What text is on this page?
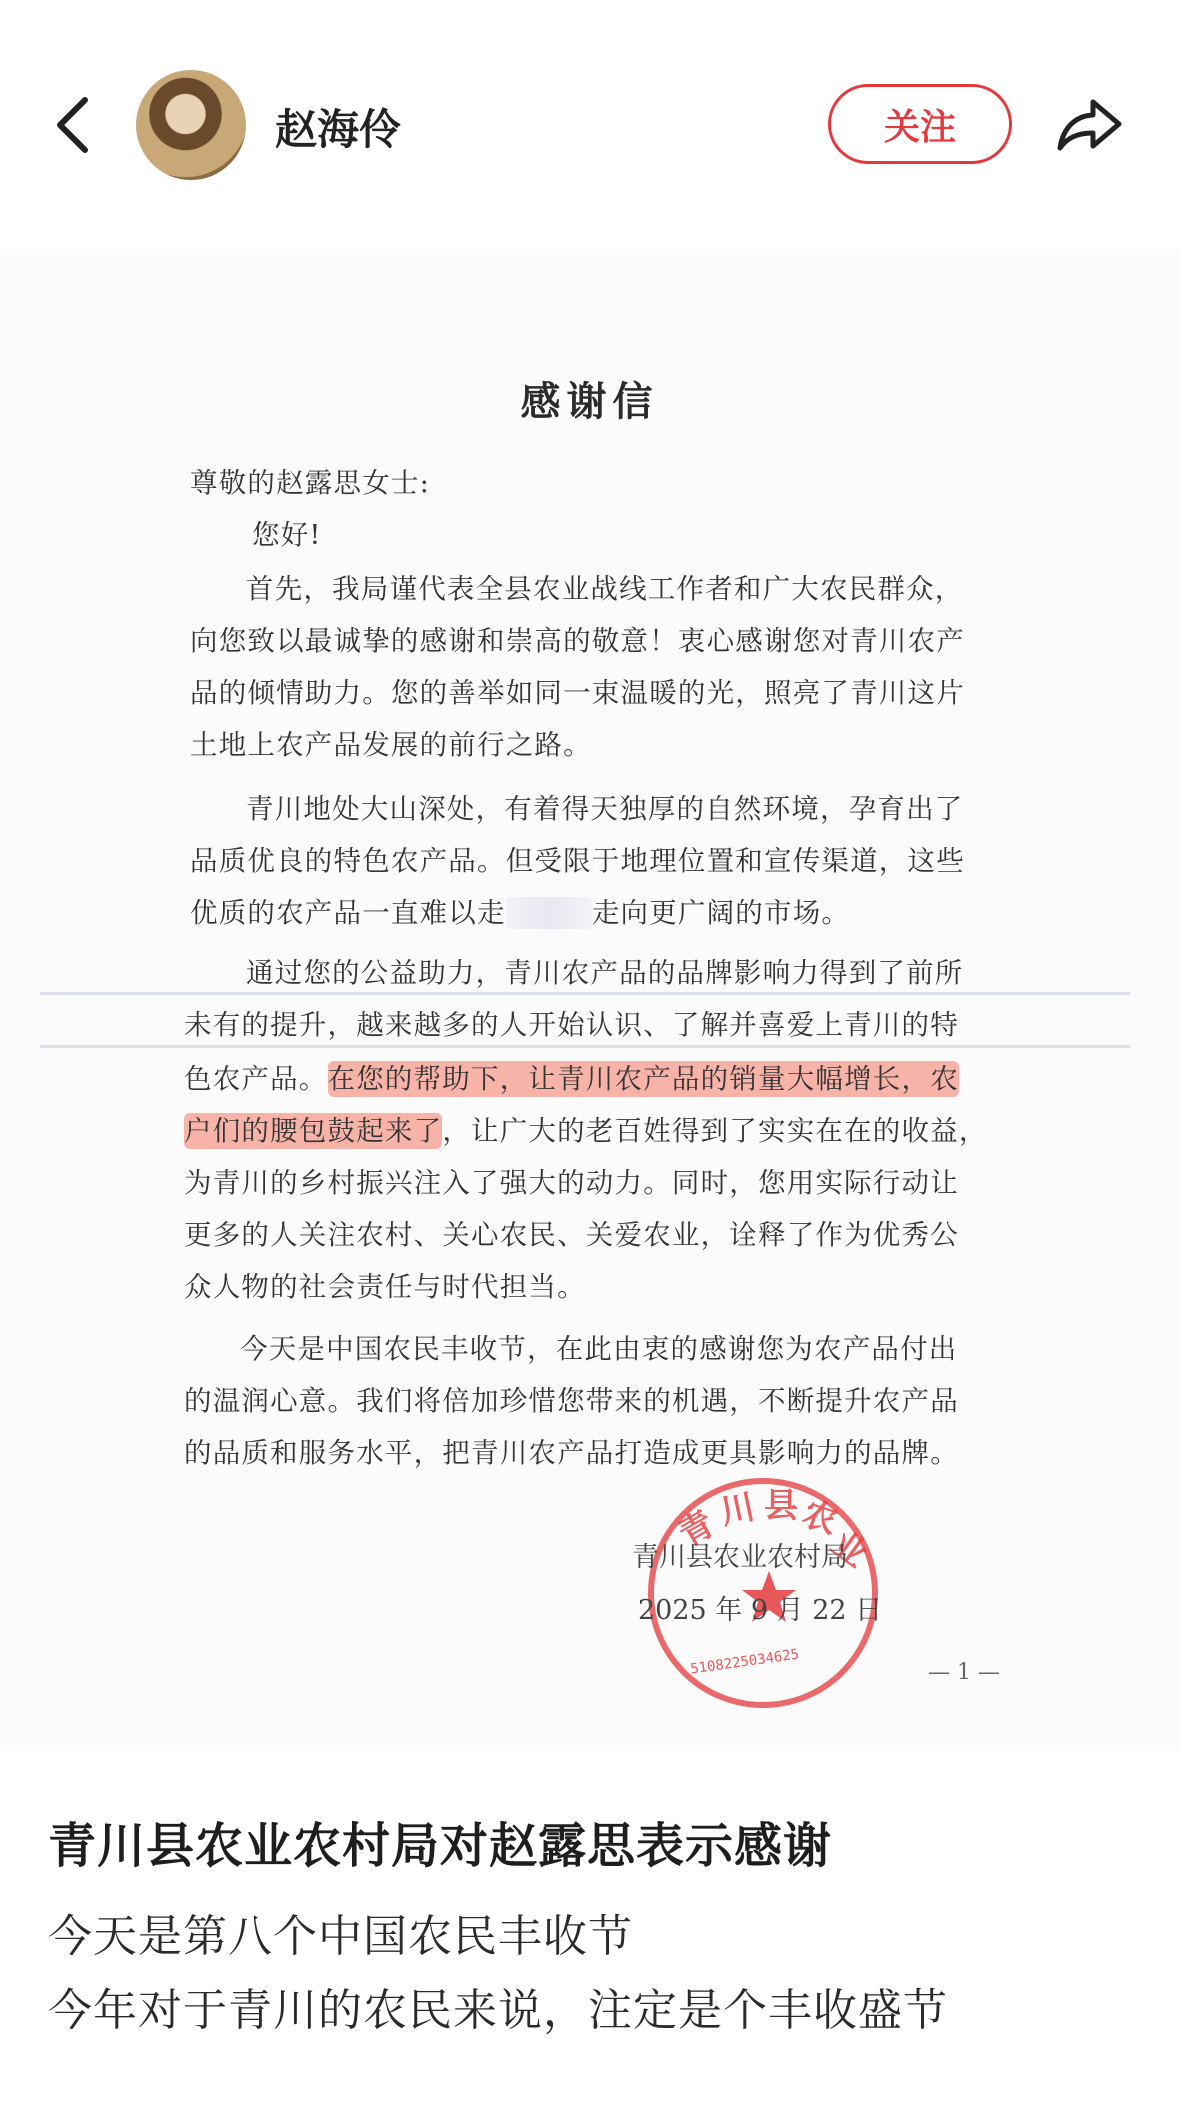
赵海伶	关注
感谢信
尊敬的赵露思女士:
您好!
首先，我局谨代表全县农业战线工作者和广大农民群众，
向您致以最诚挚的感谢和崇高的敬意！衷心感谢您对青川农产
品的倾情助力。您的善举如同一束温暖的光，照亮了青川这片
土地上农产品发展的前行之路。
青川地处大山深处，有着得天独厚的自然环境，孕育出了
品质优良的特色农产品。但受限于地理位置和宣传渠道，这些
优质的农产品一直难以走	走向更广阔的市场。
通过您的公益助力，青川农产品的品牌影响力得到了前所
未有的提升，越来越多的人开始认识、了解并喜爱上青川的特
色农产品。在您的帮助下，让青川农产品的销量大幅增长，农
户们的腰包鼓起来了，让广大的老百姓得到了实实在在的收益，
为青川的乡村振兴注入了强大的动力。同时，您用实际行动让
更多的人关注农村、关心农民、关爱农业，诠释了作为优秀公
众人物的社会责任与时代担当。
今天是中国农民丰收节，在此由衷的感谢您为农产品付出
的温润心意。我们将倍加珍惜您带来的机遇，不断提升农产品
的品质和服务水平，把青川农产品打造成更具影响力的品牌。
青
川 县 农
业
5108225034625
青川县农业农村局
2025 年 9 月 22 日
— 1 —
青川县农业农村局对赵露思表示感谢
今天是第八个中国农民丰收节
今年对于青川的农民来说，注定是个丰收盛节
